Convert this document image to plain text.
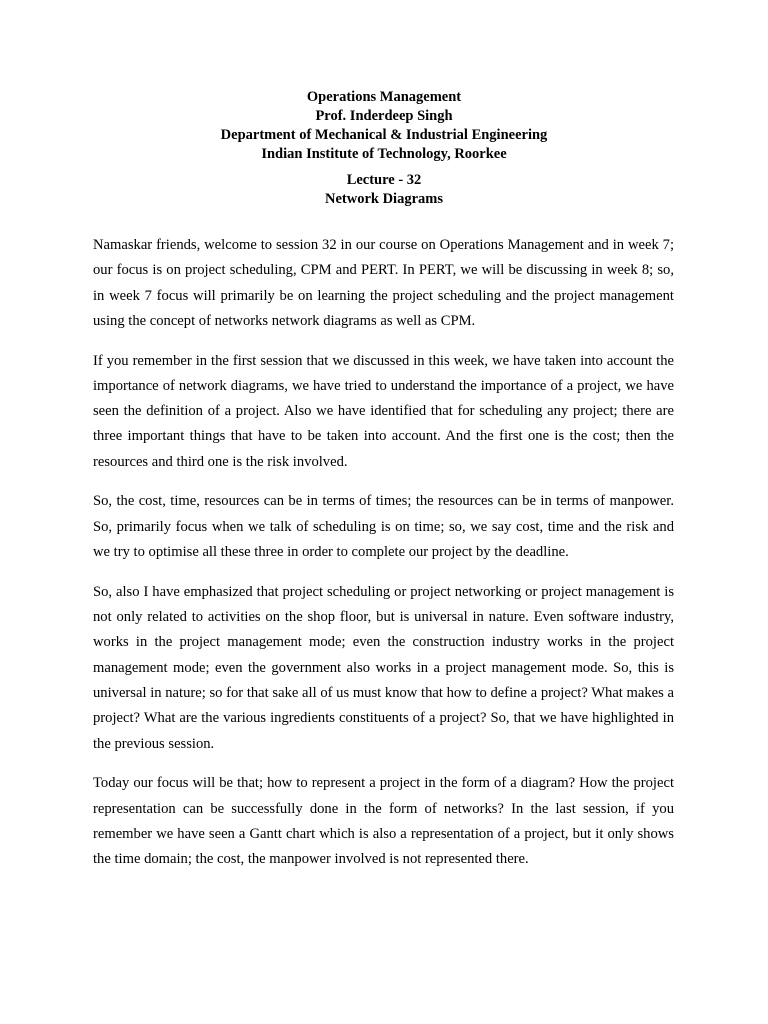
Operations Management
Prof. Inderdeep Singh
Department of Mechanical & Industrial Engineering
Indian Institute of Technology, Roorkee
Lecture - 32
Network Diagrams

Namaskar friends, welcome to session 32 in our course on Operations Management and in week 7; our focus is on project scheduling, CPM and PERT. In PERT, we will be discussing in week 8; so, in week 7 focus will primarily be on learning the project scheduling and the project management using the concept of networks network diagrams as well as CPM.

If you remember in the first session that we discussed in this week, we have taken into account the importance of network diagrams, we have tried to understand the importance of a project, we have seen the definition of a project. Also we have identified that for scheduling any project; there are three important things that have to be taken into account. And the first one is the cost; then the resources and third one is the risk involved.

So, the cost, time, resources can be in terms of times; the resources can be in terms of manpower. So, primarily focus when we talk of scheduling is on time; so, we say cost, time and the risk and we try to optimise all these three in order to complete our project by the deadline.

So, also I have emphasized that project scheduling or project networking or project management is not only related to activities on the shop floor, but is universal in nature. Even software industry, works in the project management mode; even the construction industry works in the project management mode; even the government also works in a project management mode. So, this is universal in nature; so for that sake all of us must know that how to define a project? What makes a project? What are the various ingredients constituents of a project? So, that we have highlighted in the previous session.

Today our focus will be that; how to represent a project in the form of a diagram? How the project representation can be successfully done in the form of networks? In the last session, if you remember we have seen a Gantt chart which is also a representation of a project, but it only shows the time domain; the cost, the manpower involved is not represented there.
